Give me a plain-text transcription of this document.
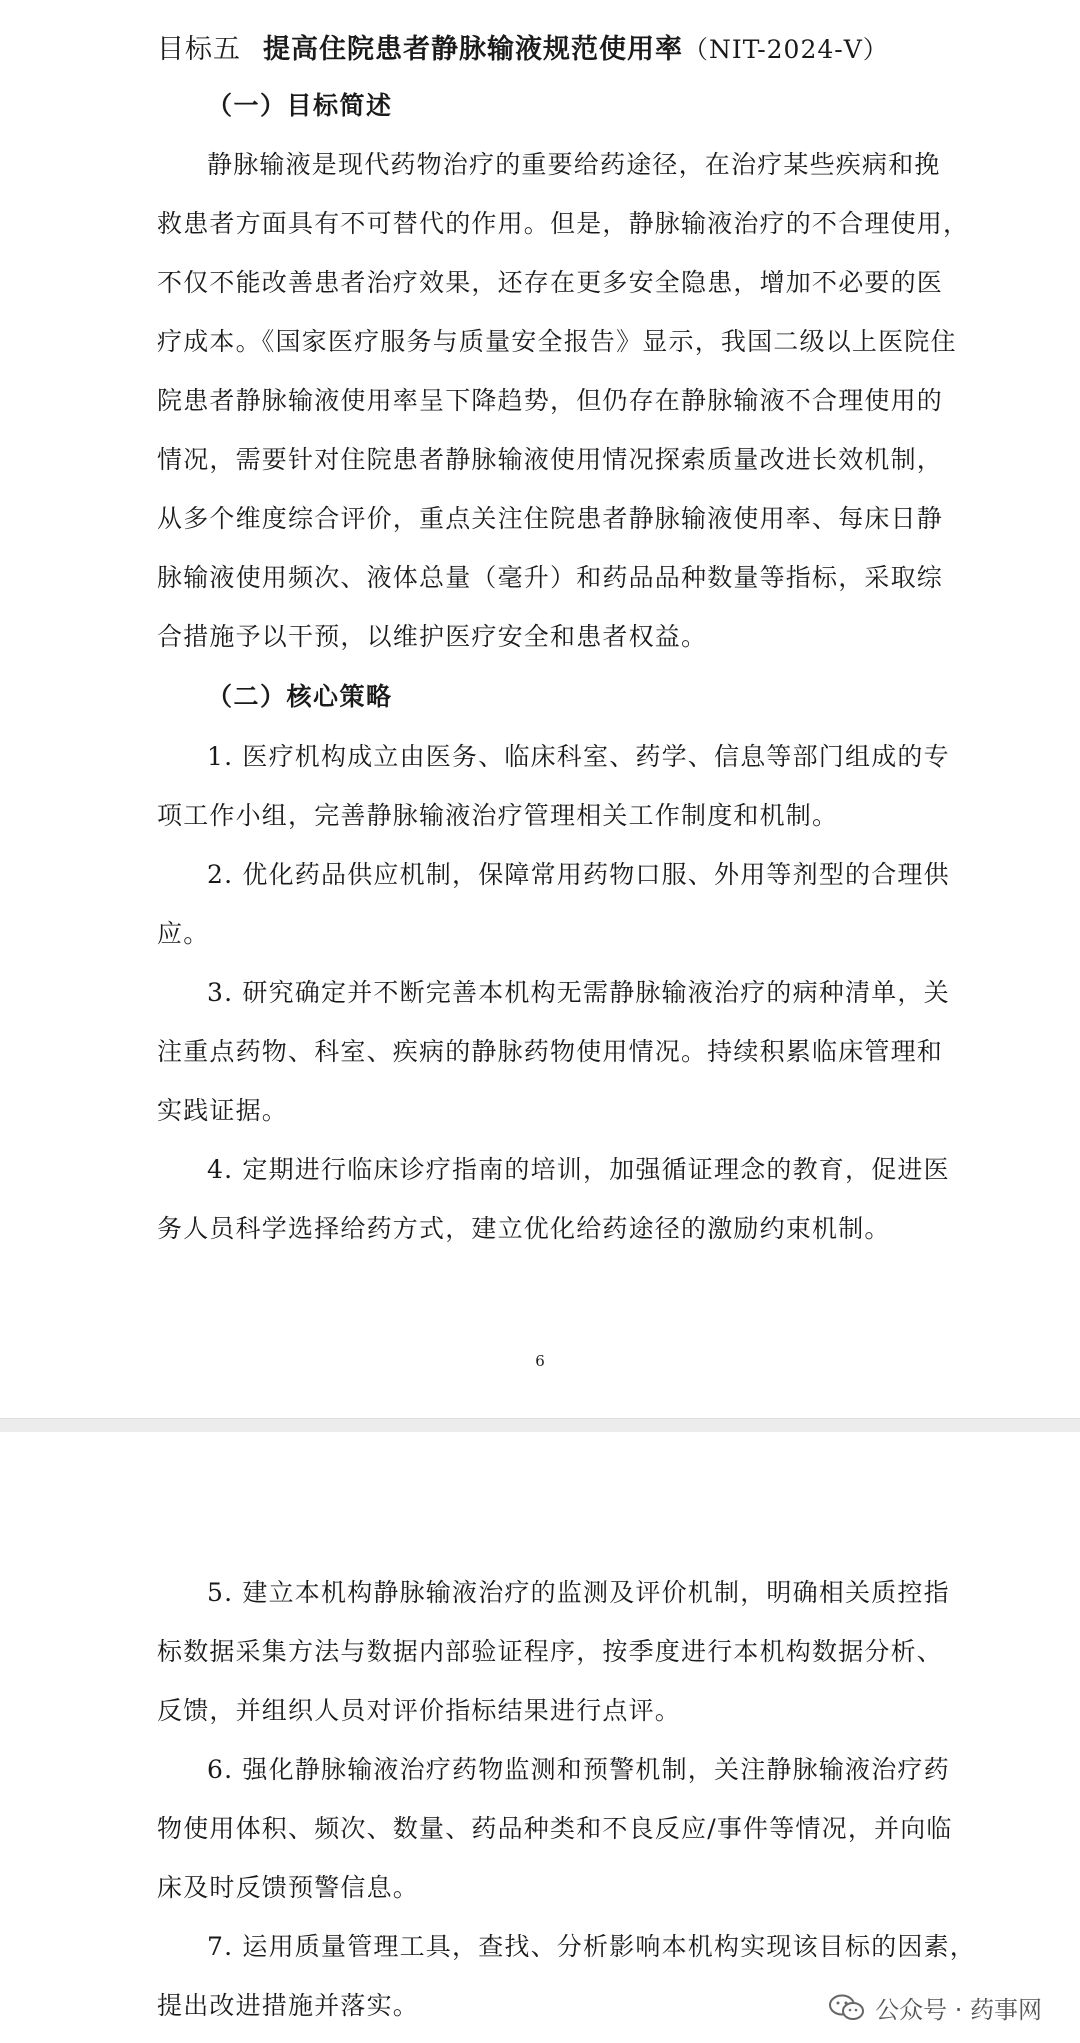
目标五 提高住院患者静脉输液规范使用率（NIT-2024-Ⅴ）
（一）目标简述
静脉输液是现代药物治疗的重要给药途径，在治疗某些疾病和挽
救患者方面具有不可替代的作用。但是，静脉输液治疗的不合理使用，
不仅不能改善患者治疗效果，还存在更多安全隐患，增加不必要的医
疗成本。《国家医疗服务与质量安全报告》显示，我国二级以上医院住
院患者静脉输液使用率呈下降趋势，但仍存在静脉输液不合理使用的
情况，需要针对住院患者静脉输液使用情况探索质量改进长效机制，
从多个维度综合评价，重点关注住院患者静脉输液使用率、每床日静
脉输液使用频次、液体总量（毫升）和药品品种数量等指标，采取综
合措施予以干预，以维护医疗安全和患者权益。
（二）核心策略
1. 医疗机构成立由医务、临床科室、药学、信息等部门组成的专
项工作小组，完善静脉输液治疗管理相关工作制度和机制。
2. 优化药品供应机制，保障常用药物口服、外用等剂型的合理供
应。
3. 研究确定并不断完善本机构无需静脉输液治疗的病种清单，关
注重点药物、科室、疾病的静脉药物使用情况。持续积累临床管理和
实践证据。
4. 定期进行临床诊疗指南的培训，加强循证理念的教育，促进医
务人员科学选择给药方式，建立优化给药途径的激励约束机制。
6
5. 建立本机构静脉输液治疗的监测及评价机制，明确相关质控指
标数据采集方法与数据内部验证程序，按季度进行本机构数据分析、
反馈，并组织人员对评价指标结果进行点评。
6. 强化静脉输液治疗药物监测和预警机制，关注静脉输液治疗药
物使用体积、频次、数量、药品种类和不良反应/事件等情况，并向临
床及时反馈预警信息。
7. 运用质量管理工具，查找、分析影响本机构实现该目标的因素，
提出改进措施并落实。	公众号 · 药事网
